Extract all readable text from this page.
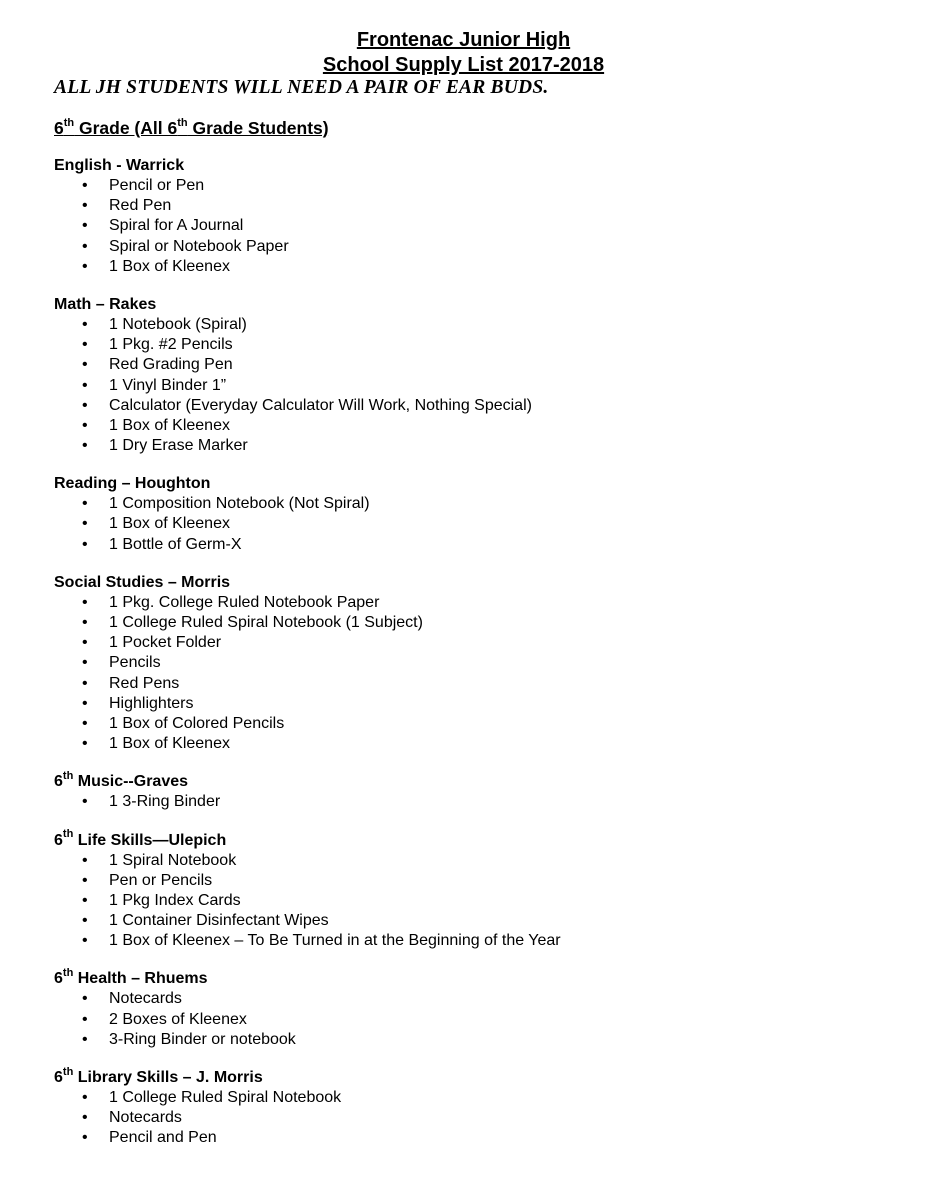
Frontenac Junior High
School Supply List 2017-2018
ALL JH STUDENTS WILL NEED A PAIR OF EAR BUDS.
6th Grade (All 6th Grade Students)
English - Warrick
• Pencil or Pen
• Red Pen
• Spiral for A Journal
• Spiral or Notebook Paper
• 1 Box of Kleenex
Math – Rakes
• 1 Notebook (Spiral)
• 1 Pkg. #2 Pencils
• Red Grading Pen
• 1 Vinyl Binder 1”
• Calculator (Everyday Calculator Will Work, Nothing Special)
• 1 Box of Kleenex
• 1 Dry Erase Marker
Reading – Houghton
• 1 Composition Notebook (Not Spiral)
• 1 Box of Kleenex
• 1 Bottle of Germ-X
Social Studies – Morris
• 1 Pkg. College Ruled Notebook Paper
• 1 College Ruled Spiral Notebook (1 Subject)
• 1 Pocket Folder
• Pencils
• Red Pens
• Highlighters
• 1 Box of Colored Pencils
• 1 Box of Kleenex
6th Music--Graves
• 1 3-Ring Binder
6th Life Skills—Ulepich
• 1 Spiral Notebook
• Pen or Pencils
• 1 Pkg Index Cards
• 1 Container Disinfectant Wipes
• 1 Box of Kleenex – To Be Turned in at the Beginning of the Year
6th Health – Rhuems
• Notecards
• 2 Boxes of Kleenex
• 3-Ring Binder or notebook
6th Library Skills – J. Morris
• 1 College Ruled Spiral Notebook
• Notecards
• Pencil and Pen
